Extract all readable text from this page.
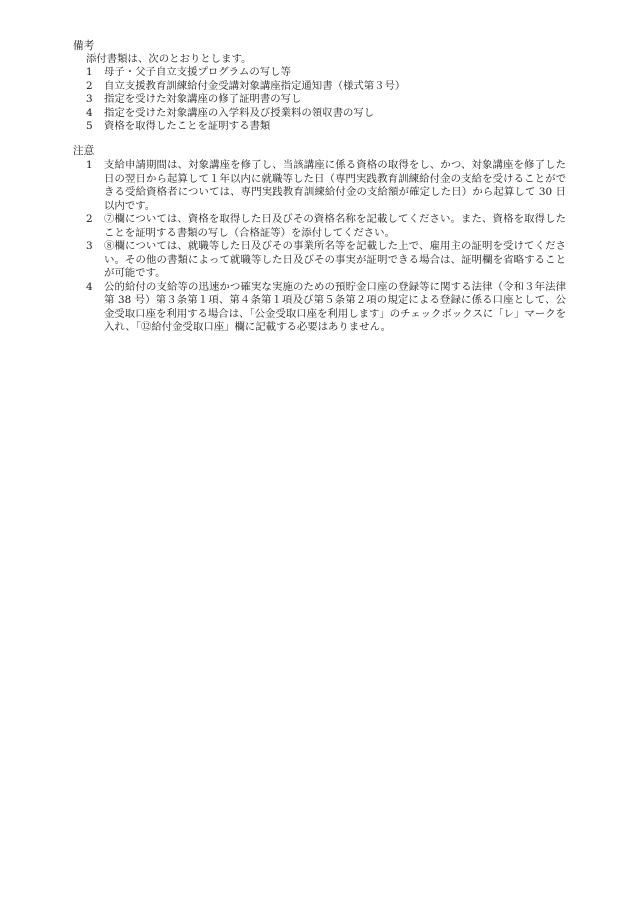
備考
添付書類は、次のとおりとします。
1	母子・父子自立支援プログラムの写し等
2	自立支援教育訓練給付金受講対象講座指定通知書（様式第３号）
3	指定を受けた対象講座の修了証明書の写し
4	指定を受けた対象講座の入学料及び授業料の領収書の写し
5	資格を取得したことを証明する書類
注意
1	支給申請期間は、対象講座を修了し、当該講座に係る資格の取得をし、かつ、対象講座を修了した日の翌日から起算して１年以内に就職等した日（専門実践教育訓練給付金の支給を受けることができる受給資格者については、専門実践教育訓練給付金の支給額が確定した日）から起算して 30 日以内です。
2	⑦欄については、資格を取得した日及びその資格名称を記載してください。また、資格を取得したことを証明する書類の写し（合格証等）を添付してください。
3	⑧欄については、就職等した日及びその事業所名等を記載した上で、雇用主の証明を受けてください。その他の書類によって就職等した日及びその事実が証明できる場合は、証明欄を省略することが可能です。
4	公的給付の支給等の迅速かつ確実な実施のための預貯金口座の登録等に関する法律（令和３年法律第 38 号）第３条第１項、第４条第１項及び第５条第２項の規定による登録に係る口座として、公金受取口座を利用する場合は、「公金受取口座を利用します」のチェックボックスに「レ」マークを入れ、「⑫給付金受取口座」欄に記載する必要はありません。
